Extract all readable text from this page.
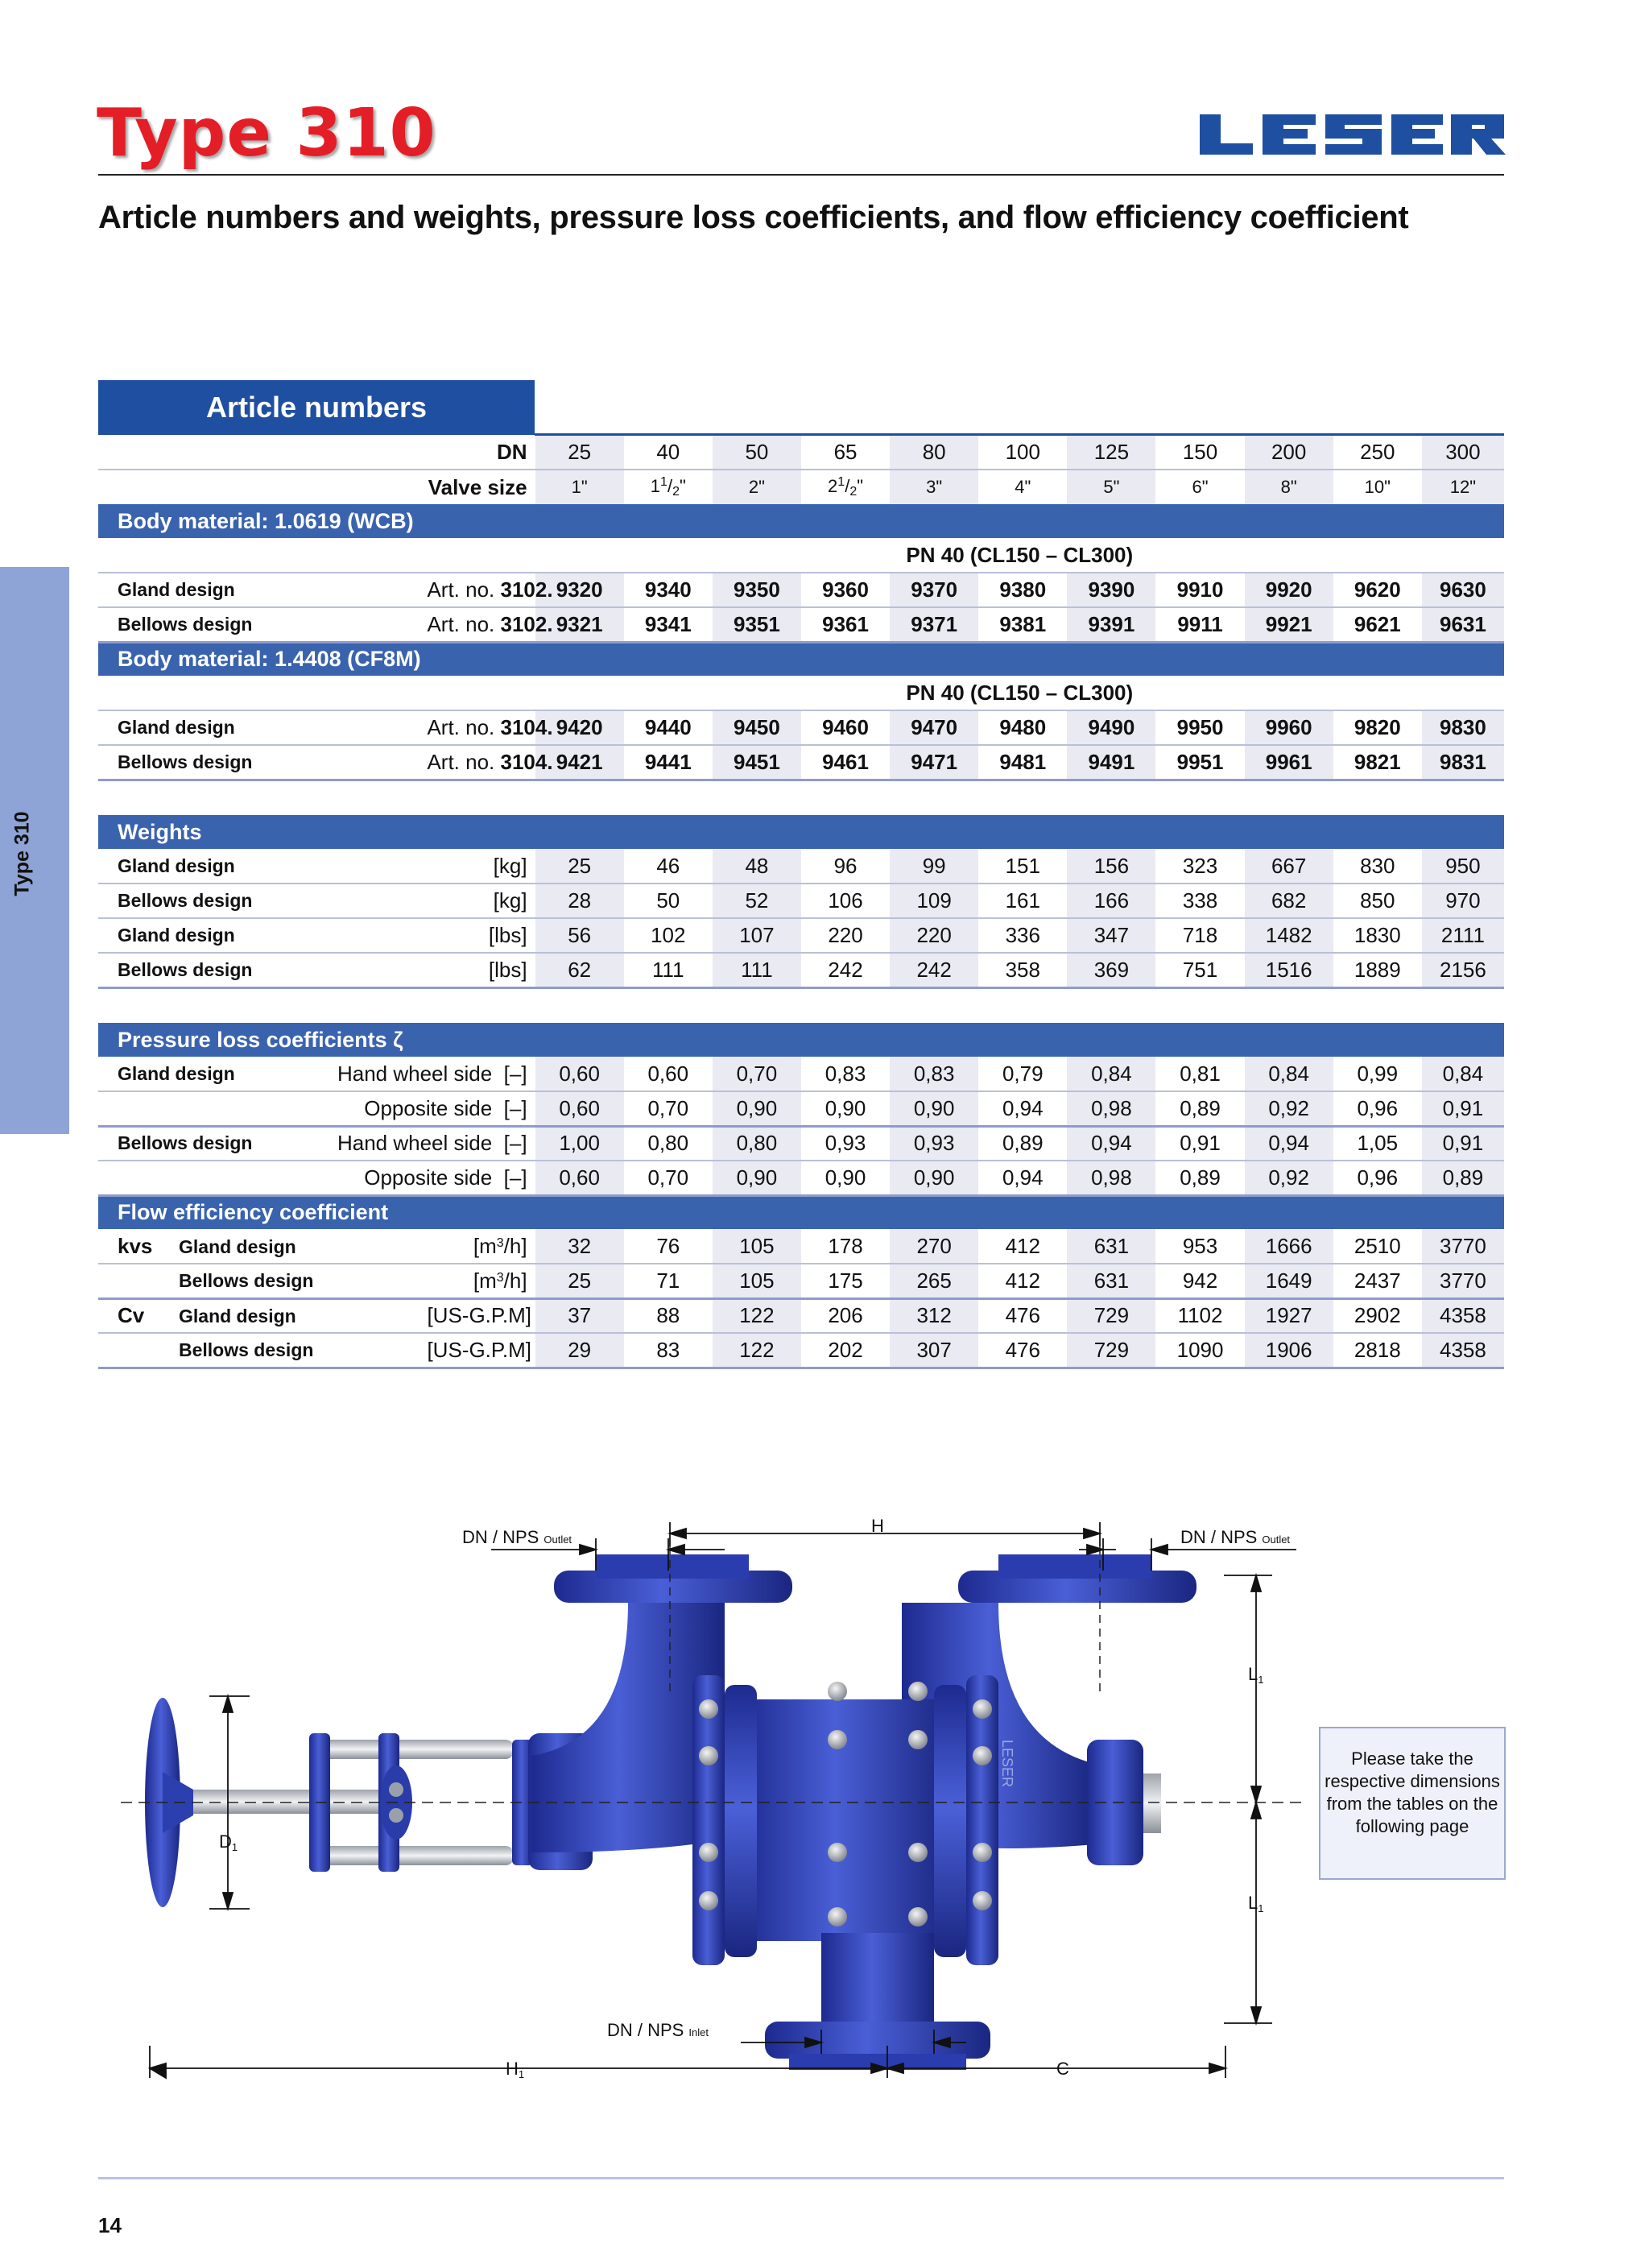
Type 310
Article numbers and weights, pressure loss coefficients, and flow efficiency coefficient
Type 310
Article numbers
	DN		25	40	50	65	80	100	125	150	200	250	300
	Valve size		1"	$1^1/_2$"	2"	$2^1/_2$"	3"	4"	5"	6"	8"	10"	12"
Body material: 1.0619 (WCB)													
			PN 40 (CL150 – CL300)										
Gland design		Art. no. 3102.	9320	9340	9350	9360	9370	9380	9390	9910	9920	9620	9630
Bellows design		Art. no. 3102.	9321	9341	9351	9361	9371	9381	9391	9911	9921	9621	9631
Body material: 1.4408 (CF8M)													
			PN 40 (CL150 – CL300)										
Gland design		Art. no. 3104.	9420	9440	9450	9460	9470	9480	9490	9950	9960	9820	9830
Bellows design		Art. no. 3104.	9421	9441	9451	9461	9471	9481	9491	9951	9961	9821	9831

Weights													
Gland design		[kg]	25	46	48	96	99	151	156	323	667	830	950
Bellows design		[kg]	28	50	52	106	109	161	166	338	682	850	970
Gland design		[lbs]	56	102	107	220	220	336	347	718	1482	1830	2111
Bellows design		[lbs]	62	111	111	242	242	358	369	751	1516	1889	2156

Pressure loss coefficients ζ													
Gland design	Hand wheel side [–]		0,60	0,60	0,70	0,83	0,83	0,79	0,84	0,81	0,84	0,99	0,84
	Opposite side [–]		0,60	0,70	0,90	0,90	0,90	0,94	0,98	0,89	0,92	0,96	0,91
Bellows design	Hand wheel side [–]		1,00	0,80	0,80	0,93	0,93	0,89	0,94	0,91	0,94	1,05	0,91
	Opposite side [–]		0,60	0,70	0,90	0,90	0,90	0,94	0,98	0,89	0,92	0,96	0,89
Flow efficiency coefficient													
kvs Gland design		$[m^3/h]$	32	76	105	178	270	412	631	953	1666	2510	3770
Bellows design		$[m^3/h]$	25	71	105	175	265	412	631	942	1649	2437	3770
Cv Gland design		[US-G.P.M]	37	88	122	206	312	476	729	1102	1927	2902	4358
Bellows design		[US-G.P.M]	29	83	122	202	307	476	729	1090	1906	2818	4358
LESER
DN / NPS Outlet	DN / NPS Outlet
H
L1
L1
D1
DN / NPS Inlet
H1	C
Please take the respective dimensions from the tables on the following page
14
